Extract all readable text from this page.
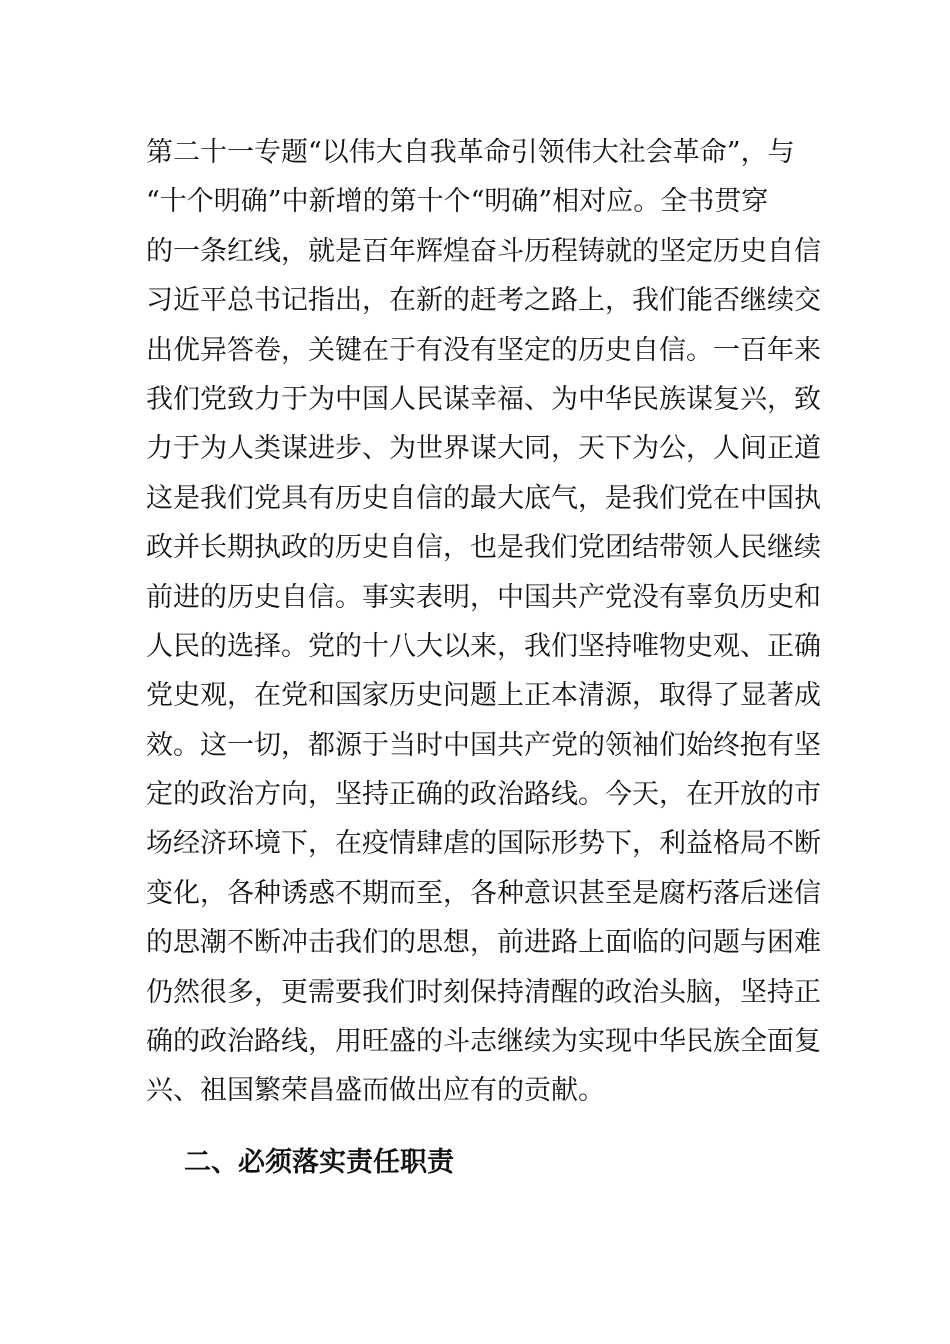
第二十一专题“以伟大自我革命引领伟大社会革命”，与
“十个明确”中新增的第十个“明确”相对应。全书贯穿
的一条红线，就是百年辉煌奋斗历程铸就的坚定历史自信
习近平总书记指出，在新的赶考之路上，我们能否继续交
出优异答卷，关键在于有没有坚定的历史自信。一百年来
我们党致力于为中国人民谋幸福、为中华民族谋复兴，致
力于为人类谋进步、为世界谋大同，天下为公，人间正道
这是我们党具有历史自信的最大底气，是我们党在中国执
政并长期执政的历史自信，也是我们党团结带领人民继续
前进的历史自信。事实表明，中国共产党没有辜负历史和
人民的选择。党的十八大以来，我们坚持唯物史观、正确
党史观，在党和国家历史问题上正本清源，取得了显著成
效。这一切，都源于当时中国共产党的领袖们始终抱有坚
定的政治方向，坚持正确的政治路线。今天，在开放的市
场经济环境下，在疫情肆虐的国际形势下，利益格局不断
变化，各种诱惑不期而至，各种意识甚至是腐朽落后迷信
的思潮不断冲击我们的思想，前进路上面临的问题与困难
仍然很多，更需要我们时刻保持清醒的政治头脑，坚持正
确的政治路线，用旺盛的斗志继续为实现中华民族全面复
兴、祖国繁荣昌盛而做出应有的贡献。
二、必须落实责任职责
